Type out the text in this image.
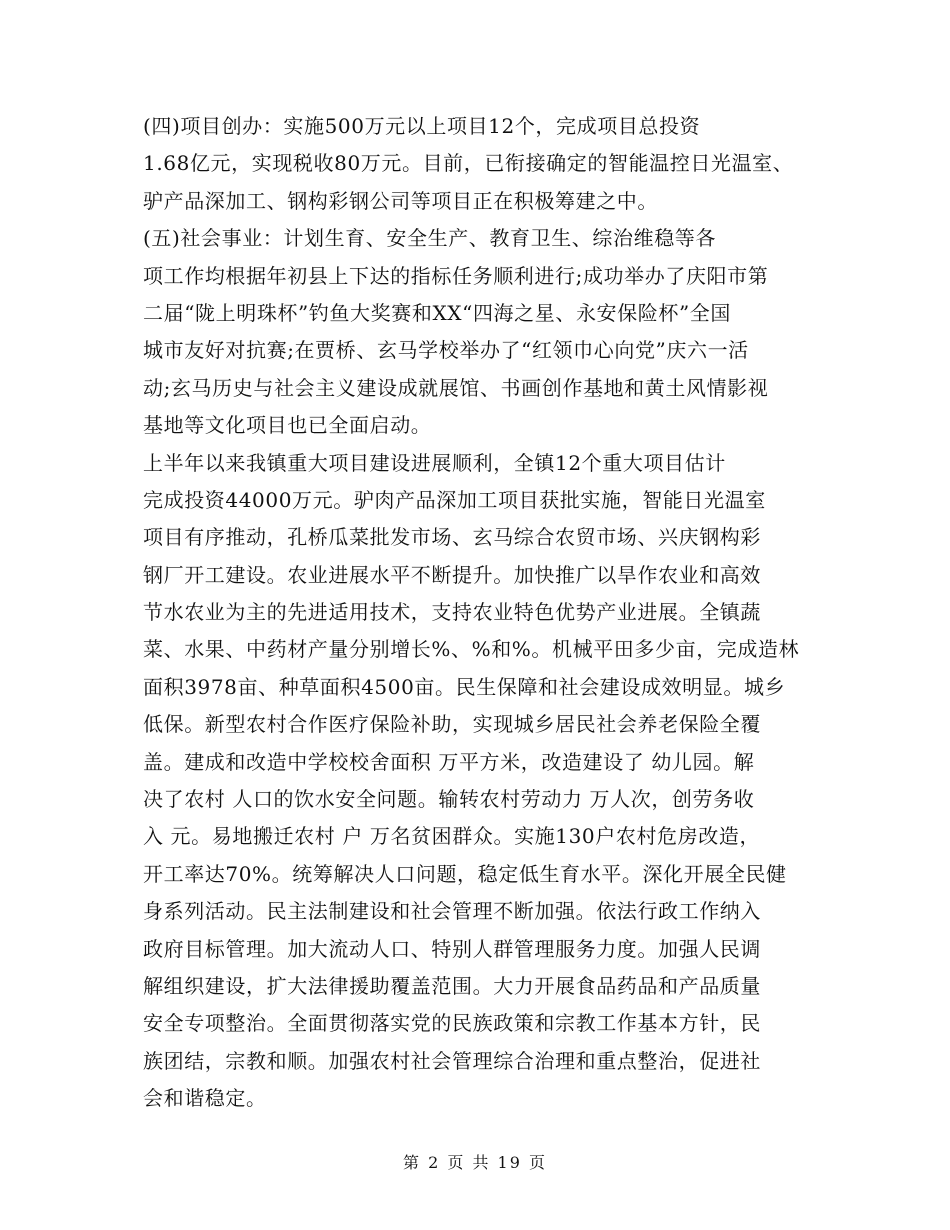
(四)项目创办：实施500万元以上项目12个，完成项目总投资
1.68亿元，实现税收80万元。目前，已衔接确定的智能温控日光温室、
驴产品深加工、钢构彩钢公司等项目正在积极筹建之中。
(五)社会事业：计划生育、安全生产、教育卫生、综治维稳等各
项工作均根据年初县上下达的指标任务顺利进行;成功举办了庆阳市第
二届“陇上明珠杯”钓鱼大奖赛和XX“四海之星、永安保险杯”全国
城市友好对抗赛;在贾桥、玄马学校举办了“红领巾心向党”庆六一活
动;玄马历史与社会主义建设成就展馆、书画创作基地和黄土风情影视
基地等文化项目也已全面启动。
上半年以来我镇重大项目建设进展顺利，全镇12个重大项目估计
完成投资44000万元。驴肉产品深加工项目获批实施，智能日光温室
项目有序推动，孔桥瓜菜批发市场、玄马综合农贸市场、兴庆钢构彩
钢厂开工建设。农业进展水平不断提升。加快推广以旱作农业和高效
节水农业为主的先进适用技术，支持农业特色优势产业进展。全镇蔬
菜、水果、中药材产量分别增长%、%和%。机械平田多少亩，完成造林
面积3978亩、种草面积4500亩。民生保障和社会建设成效明显。城乡
低保。新型农村合作医疗保险补助，实现城乡居民社会养老保险全覆
盖。建成和改造中学校校舍面积 万平方米，改造建设了 幼儿园。解
决了农村 人口的饮水安全问题。输转农村劳动力 万人次，创劳务收
入 元。易地搬迁农村 户 万名贫困群众。实施130户农村危房改造，
开工率达70%。统筹解决人口问题，稳定低生育水平。深化开展全民健
身系列活动。民主法制建设和社会管理不断加强。依法行政工作纳入
政府目标管理。加大流动人口、特别人群管理服务力度。加强人民调
解组织建设，扩大法律援助覆盖范围。大力开展食品药品和产品质量
安全专项整治。全面贯彻落实党的民族政策和宗教工作基本方针，民
族团结，宗教和顺。加强农村社会管理综合治理和重点整治，促进社
会和谐稳定。
第 2 页 共 19 页
